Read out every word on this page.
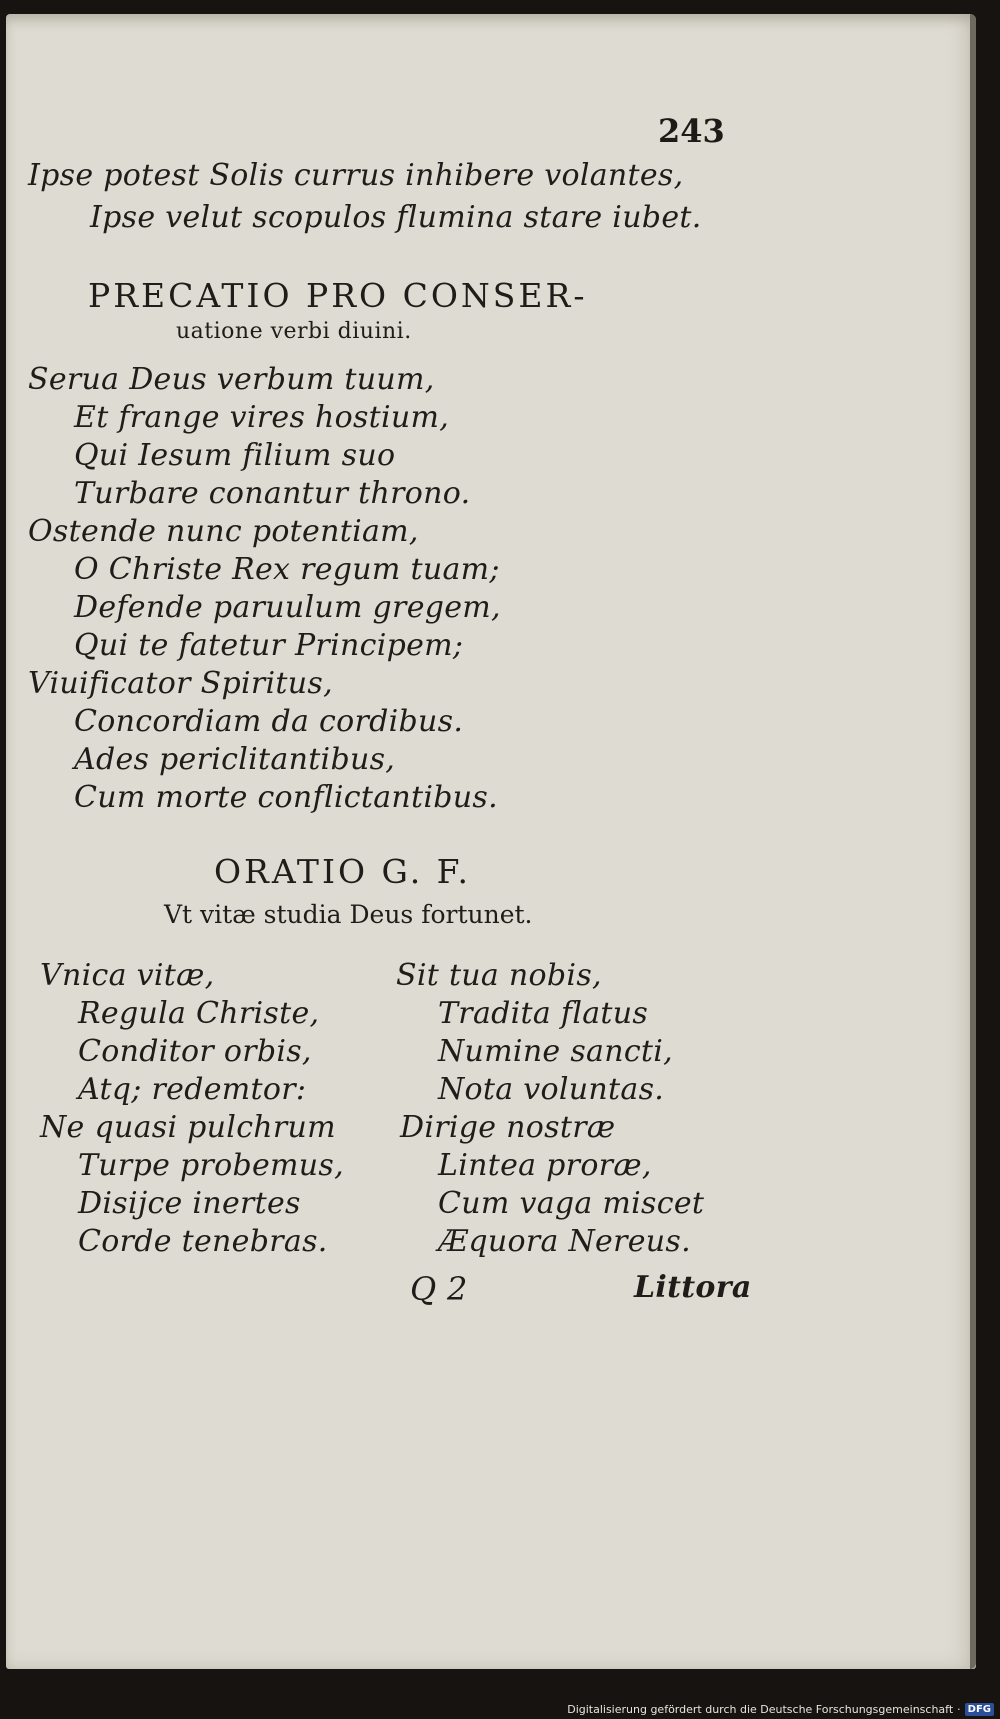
243
Ipse potest Solis currus inhibere volantes,
Ipse velut scopulos flumina stare iubet.
PRECATIO PRO CONSER-
uatione verbi diuini.
Serua Deus verbum tuum,
Et frange vires hostium,
Qui Iesum filium suo
Turbare conantur throno.
Ostende nunc potentiam,
O Christe Rex regum tuam;
Defende paruulum gregem,
Qui te fatetur Principem;
Viuificator Spiritus,
Concordiam da cordibus.
Ades periclitantibus,
Cum morte conflictantibus.
ORATIO G. F.
Vt vitæ studia Deus fortunet.
Vnica vitæ,
Regula Christe,
Conditor orbis,
Atq; redemtor:
Ne quasi pulchrum
Turpe probemus,
Disijce inertes
Corde tenebras.
Sit tua nobis,
Tradita flatus
Numine sancti,
Nota voluntas.
Dirige nostræ
Lintea proræ,
Cum vaga miscet
Æquora Nereus.
Q 2	Littora
Digitalisierung gefördert durch die Deutsche Forschungsgemeinschaft · DFG
